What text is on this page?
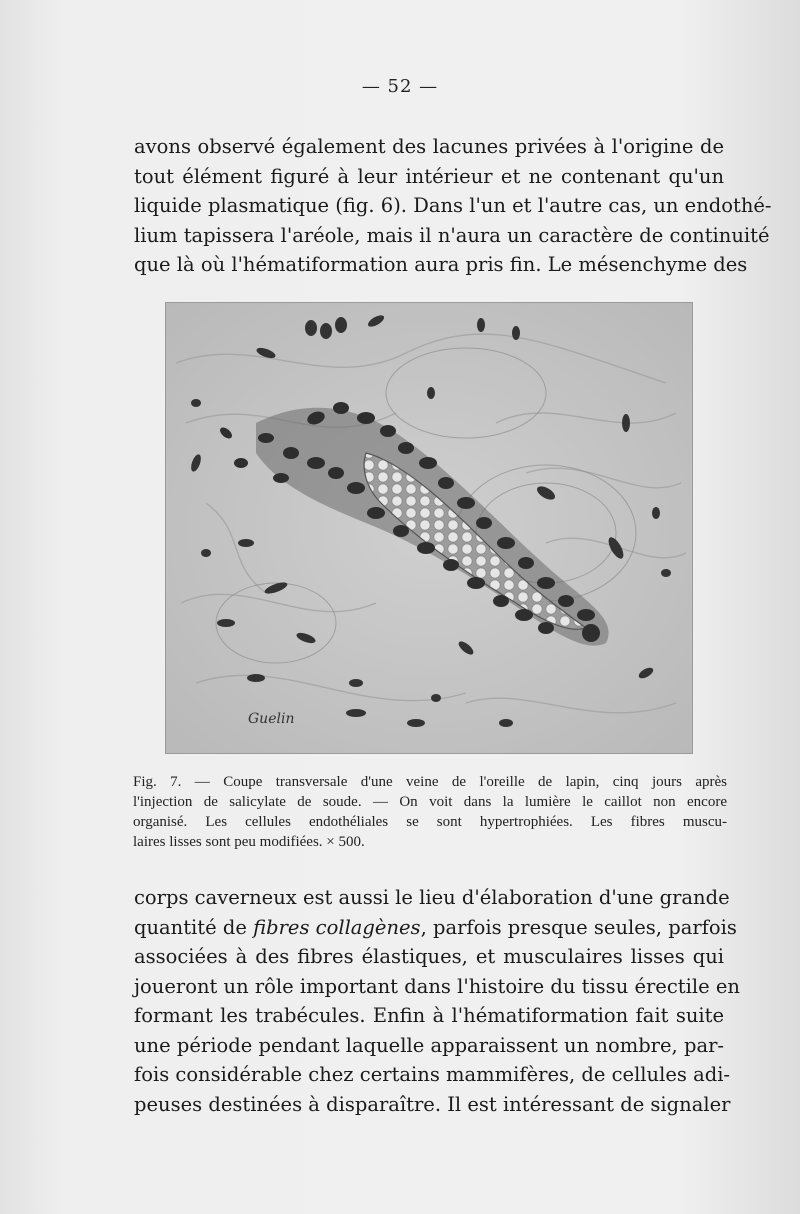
— 52 —

avons observé également des lacunes privées à l'origine de
tout élément figuré à leur intérieur et ne contenant qu'un
liquide plasmatique (fig. 6). Dans l'un et l'autre cas, un endothé-
lium tapissera l'aréole, mais il n'aura un caractère de continuité
que là où l'hématiformation aura pris fin. Le mésenchyme des

Guelin
Fig. 7. — Coupe transversale d'une veine de l'oreille de lapin, cinq jours après
l'injection de salicylate de soude. — On voit dans la lumière le caillot non encore
organisé. Les cellules endothéliales se sont hypertrophiées. Les fibres muscu-
laires lisses sont peu modifiées. × 500.

corps caverneux est aussi le lieu d'élaboration d'une grande
quantité de fibres collagènes, parfois presque seules, parfois
associées à des fibres élastiques, et musculaires lisses qui
joueront un rôle important dans l'histoire du tissu érectile en
formant les trabécules. Enfin à l'hématiformation fait suite
une période pendant laquelle apparaissent un nombre, par-
fois considérable chez certains mammifères, de cellules adi-
peuses destinées à disparaître. Il est intéressant de signaler
